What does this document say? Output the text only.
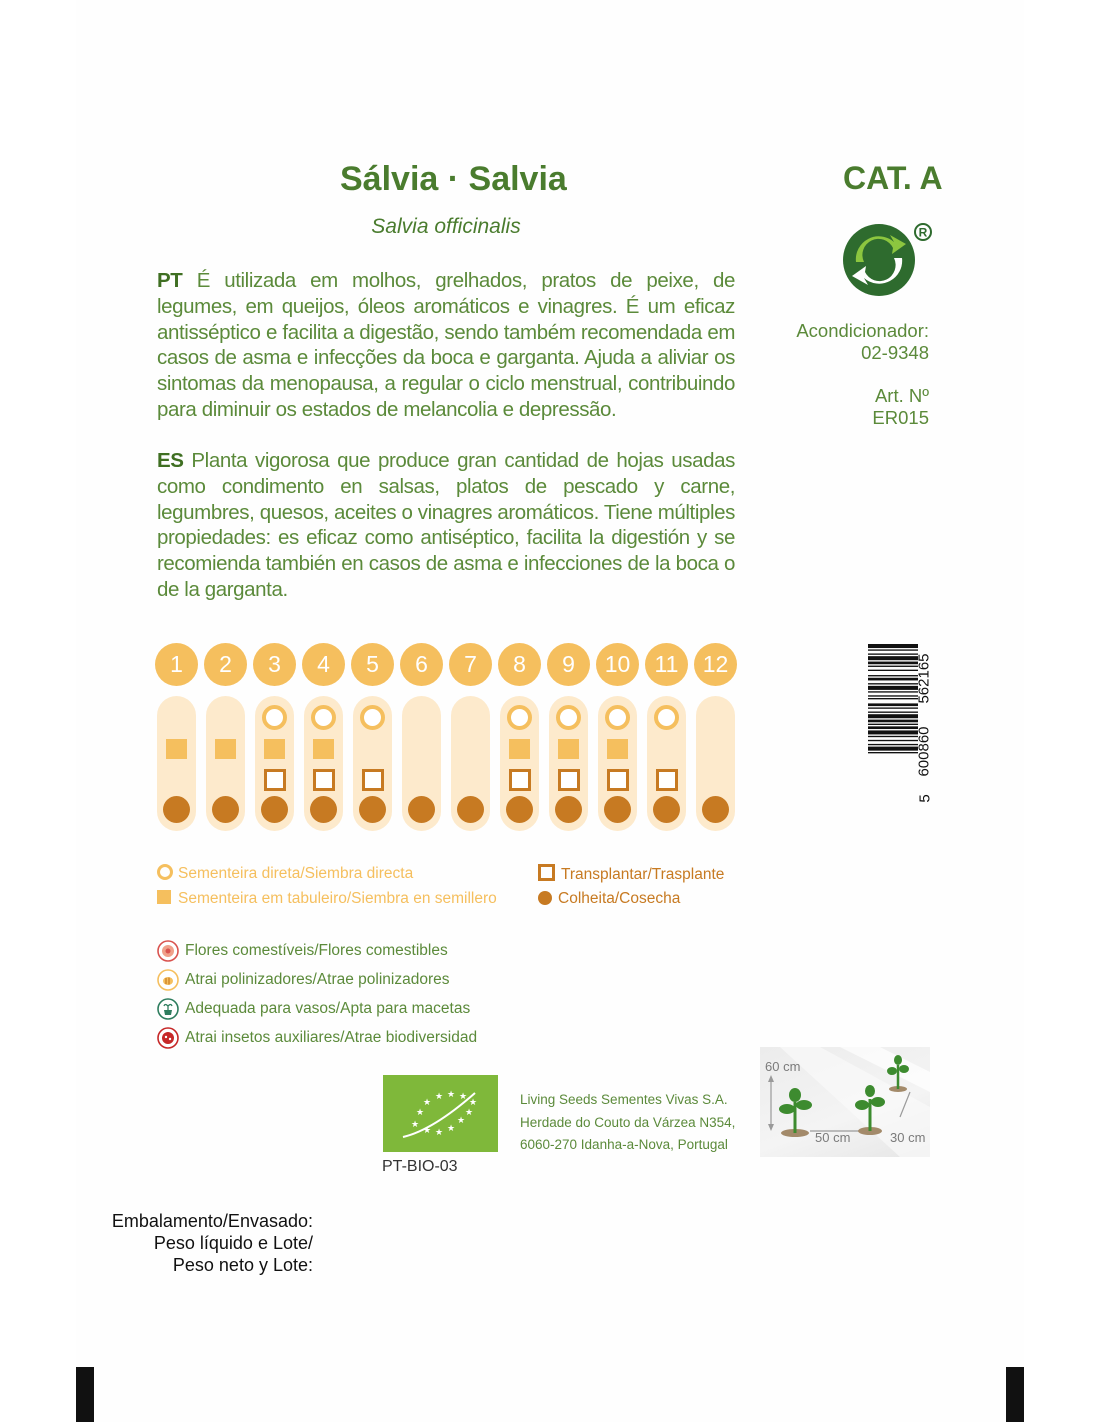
Sálvia · Salvia
Salvia officinalis
CAT. A
R
Acondicionador:
02-9348
Art. Nº
ER015
PT É utilizada em molhos, grelhados, pratos de peixe, de legumes, em queijos, óleos aromáticos e vinagres. É um eficaz antisséptico e facilita a digestão, sendo também recomendada em casos de asma e infecções da boca e garganta. Ajuda a aliviar os sintomas da menopausa, a regular o ciclo menstrual, contribuindo para diminuir os estados de melancolia e depressão.
ES Planta vigorosa que produce gran cantidad de hojas usadas como condimento en salsas, platos de pescado y carne, legumbres, quesos, aceites o vinagres aromáticos. Tiene múltiples propiedades: es eficaz como antiséptico, facilita la digestión y se recomienda también en casos de asma e infecciones de la boca o de la garganta.
1	2	3	4	5	6	7	8	9	10	11	12
5
600860
562165
Sementeira direta/Siembra directa
Sementeira em tabuleiro/Siembra en semillero
Transplantar/Trasplante
Colheita/Cosecha
Flores comestíveis/Flores comestibles
Atrai polinizadores/Atrae polinizadores
Adequada para vasos/Apta para macetas
Atrai insetos auxiliares/Atrae biodiversidad
★
★ ★ ★
★
★
★
★ ★ ★
★
★
PT-BIO-03
Living Seeds Sementes Vivas S.A.
Herdade do Couto da Várzea N354,
6060-270 Idanha-a-Nova, Portugal
60 cm
50 cm	30 cm
Embalamento/Envasado:
Peso líquido e Lote/
Peso neto y Lote:
